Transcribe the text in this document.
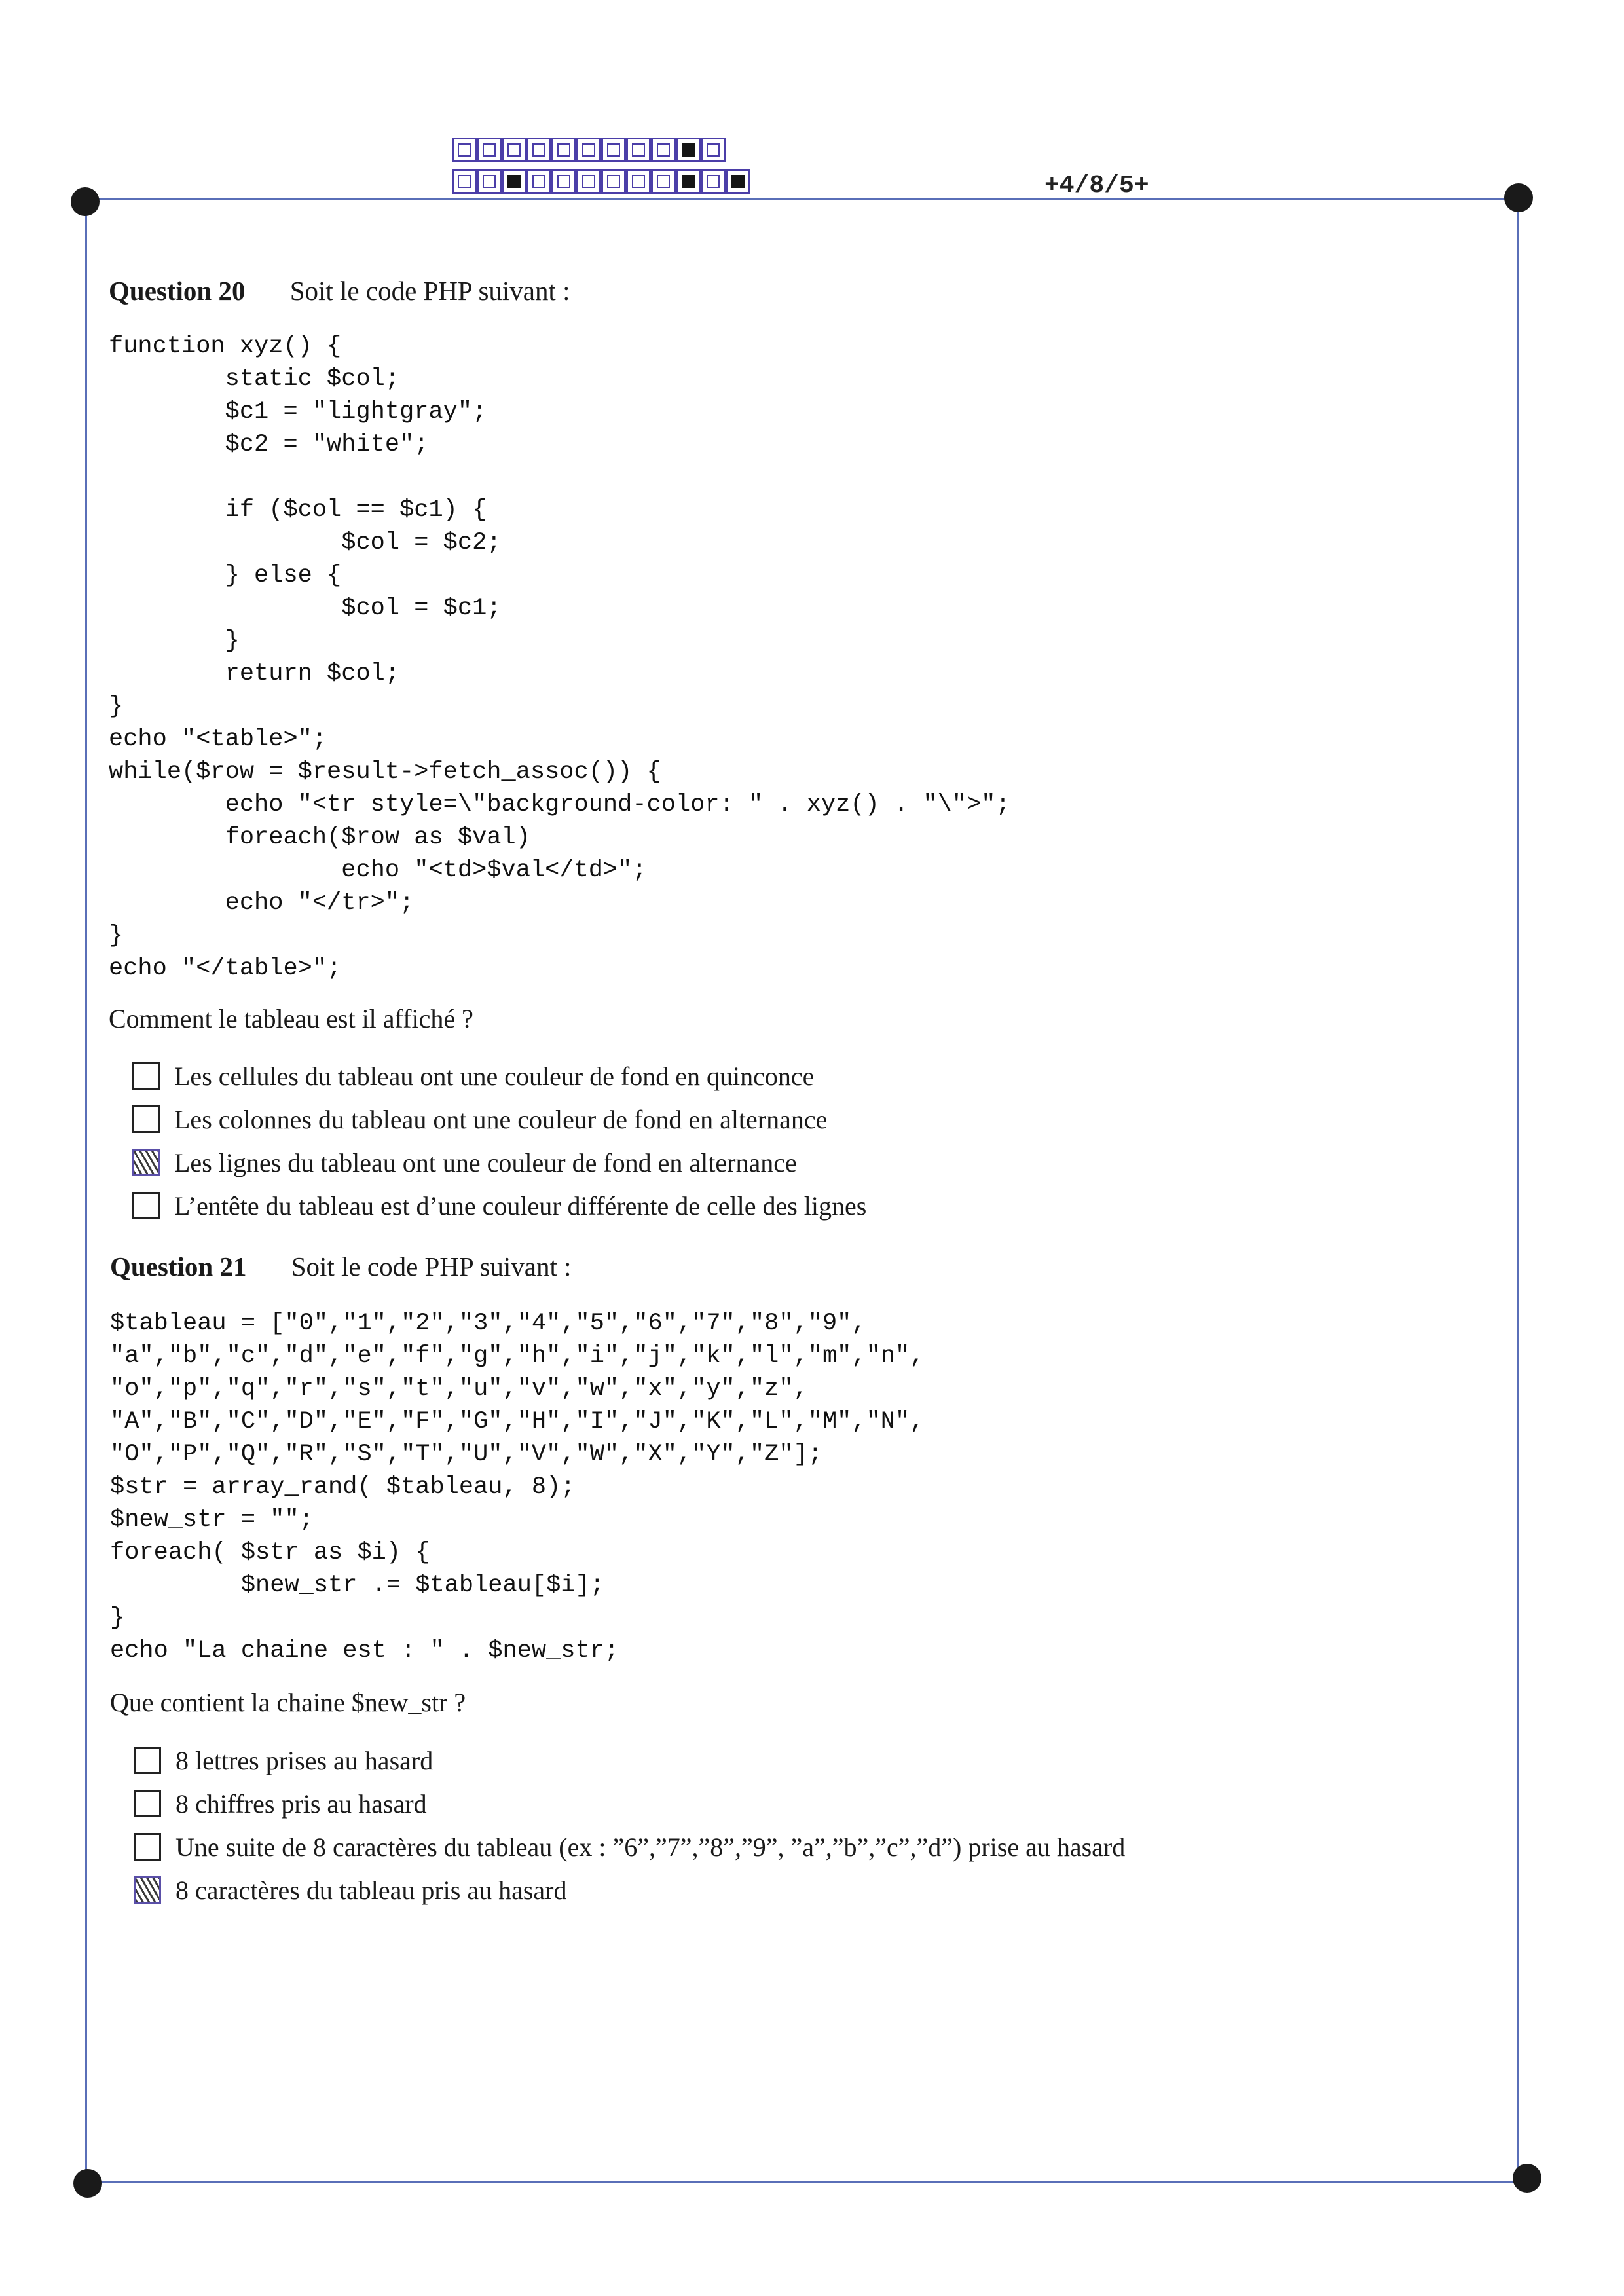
+4/8/5+
Question 20 Soit le code PHP suivant :
function xyz() {
static $col;
$c1 = "lightgray";
$c2 = "white";

if ($col == $c1) {
$col = $c2;
} else {
$col = $c1;
}
return $col;
}
echo "<table>";
while($row = $result->fetch_assoc()) {
echo "<tr style=\"background-color: " . xyz() . "\">";
foreach($row as $val)
echo "<td>$val</td>";
echo "</tr>";
}
echo "</table>";
Comment le tableau est il affiché ?
Les cellules du tableau ont une couleur de fond en quinconce
Les colonnes du tableau ont une couleur de fond en alternance
Les lignes du tableau ont une couleur de fond en alternance
L’entête du tableau est d’une couleur différente de celle des lignes
Question 21 Soit le code PHP suivant :
$tableau = ["0","1","2","3","4","5","6","7","8","9",
"a","b","c","d","e","f","g","h","i","j","k","l","m","n",
"o","p","q","r","s","t","u","v","w","x","y","z",
"A","B","C","D","E","F","G","H","I","J","K","L","M","N",
"O","P","Q","R","S","T","U","V","W","X","Y","Z"];
$str = array_rand( $tableau, 8);
$new_str = "";
foreach( $str as $i) {
$new_str .= $tableau[$i];
}
echo "La chaine est : " . $new_str;
Que contient la chaine $new_str ?
8 lettres prises au hasard
8 chiffres pris au hasard
Une suite de 8 caractères du tableau (ex : ”6”,”7”,”8”,”9”, ”a”,”b”,”c”,”d”) prise au hasard
8 caractères du tableau pris au hasard
